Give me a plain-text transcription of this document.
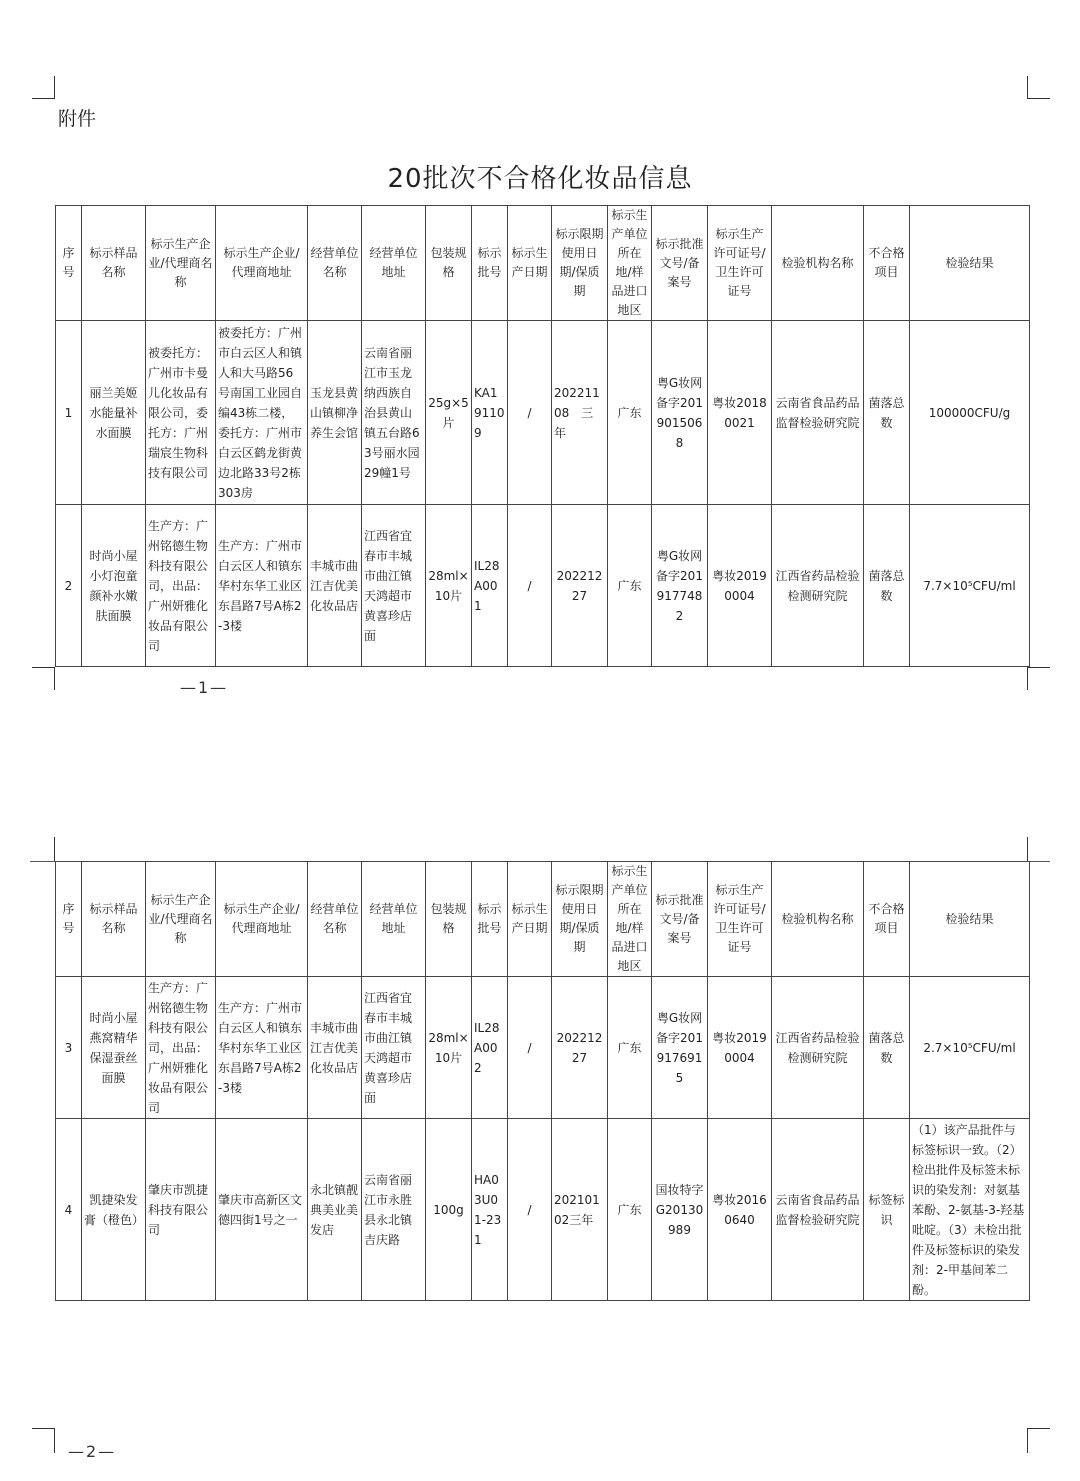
附件
20批次不合格化妆品信息
序号	标示样品名称	标示生产企业/代理商名称	标示生产企业/代理商地址	经营单位名称	经营单位地址	包装规格	标示批号	标示生产日期	标示限期使用日期/保质期	标示生产单位所在地/样品进口地区	标示批准文号/备案号	标示生产许可证号/卫生许可证号	检验机构名称	不合格项目	检验结果
1	丽兰美姬水能量补水面膜	被委托方：广州市卡曼儿化妆品有限公司，委托方：广州瑞宸生物科技有限公司	被委托方：广州市白云区人和镇人和大马路56号南国工业园自编43栋二楼，委托方：广州市白云区鹤龙街黄边北路33号2栋303房	玉龙县黄山镇柳净养生会馆	云南省丽江市玉龙纳西族自治县黄山镇五台路63号丽水园29幢1号	25g×5片	KA191109	/	20221108　三年	广东	粤G妆网备字2019015068	粤妆20180021	云南省食品药品监督检验研究院	菌落总数	100000CFU/g
2	时尚小屋小灯泡童颜补水嫩肤面膜	生产方：广州铭德生物科技有限公司，出品：广州妍雅化妆品有限公司	生产方：广州市白云区人和镇东华村东华工业区东昌路7号A栋2-3楼	丰城市曲江吉优美化妆品店	江西省宜春市丰城市曲江镇天鸿超市黄喜珍店面	28ml×10片	IL28A001	/	20221227	广东	粤G妆网备字2019177482	粤妆20190004	江西省药品检验检测研究院	菌落总数	7.7×10⁵CFU/ml
—1—
序号	标示样品名称	标示生产企业/代理商名称	标示生产企业/代理商地址	经营单位名称	经营单位地址	包装规格	标示批号	标示生产日期	标示限期使用日期/保质期	标示生产单位所在地/样品进口地区	标示批准文号/备案号	标示生产许可证号/卫生许可证号	检验机构名称	不合格项目	检验结果
3	时尚小屋燕窝精华保湿蚕丝面膜	生产方：广州铭德生物科技有限公司，出品：广州妍雅化妆品有限公司	生产方：广州市白云区人和镇东华村东华工业区东昌路7号A栋2-3楼	丰城市曲江吉优美化妆品店	江西省宜春市丰城市曲江镇天鸿超市黄喜珍店面	28ml×10片	IL28A002	/	20221227	广东	粤G妆网备字2019176915	粤妆20190004	江西省药品检验检测研究院	菌落总数	2.7×10⁵CFU/ml
4	凯捷染发膏（橙色）	肇庆市凯捷科技有限公司	肇庆市高新区文德四街1号之一	永北镇靓典美业美发店	云南省丽江市永胜县永北镇吉庆路	100g	HA03U01-231	/	20210102三年	广东	国妆特字G20130989	粤妆20160640	云南省食品药品监督检验研究院	标签标识	（1）该产品批件与标签标识一致。（2）检出批件及标签未标识的染发剂：对氨基苯酚、2-氨基-3-羟基吡啶。（3）未检出批件及标签标识的染发剂：2-甲基间苯二酚。
—2—
